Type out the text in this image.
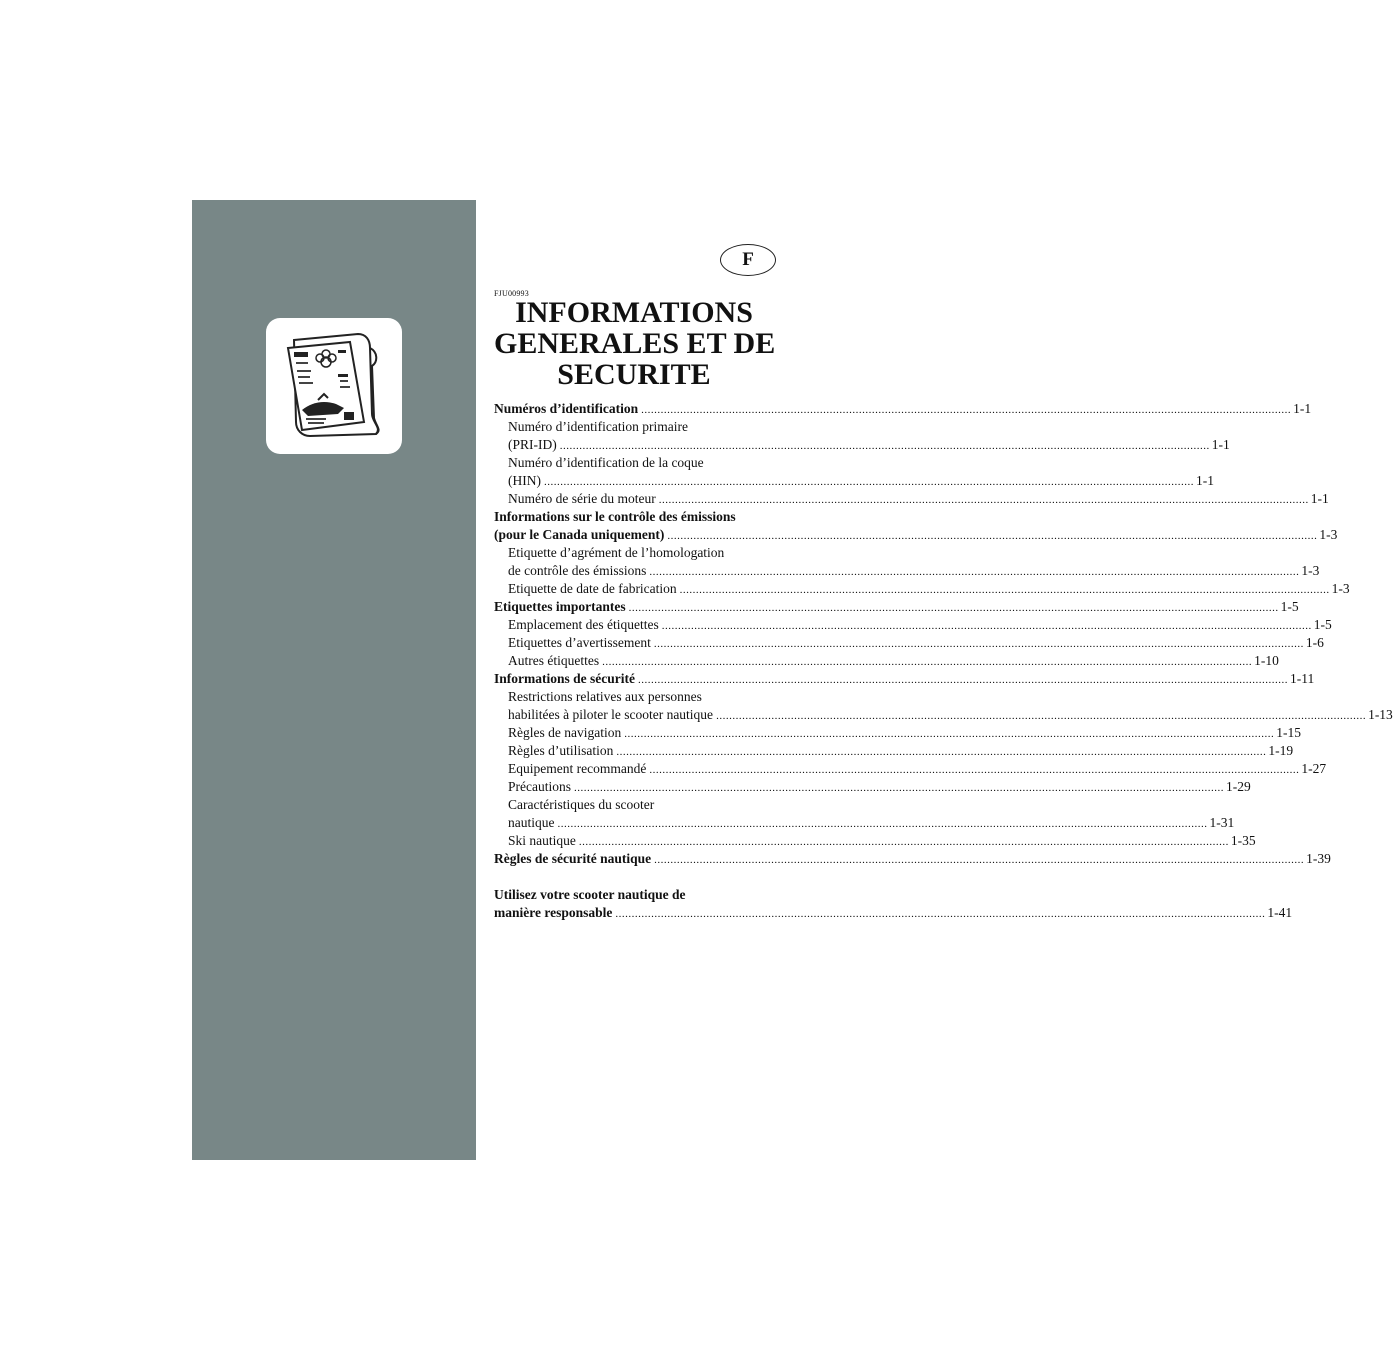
F
FJU00993
INFORMATIONS
GENERALES ET DE
SECURITE
Numéros d’identification ........................................................................................................................................................................................................ 1-1
Numéro d’identification primaire
(PRI-ID) ........................................................................................................................................................................................................ 1-1
Numéro d’identification de la coque
(HIN) ........................................................................................................................................................................................................ 1-1
Numéro de série du moteur ........................................................................................................................................................................................................ 1-1
Informations sur le contrôle des émissions
(pour le Canada uniquement) ........................................................................................................................................................................................................ 1-3
Etiquette d’agrément de l’homologation
de contrôle des émissions ........................................................................................................................................................................................................ 1-3
Etiquette de date de fabrication ........................................................................................................................................................................................................ 1-3
Etiquettes importantes ........................................................................................................................................................................................................ 1-5
Emplacement des étiquettes ........................................................................................................................................................................................................ 1-5
Etiquettes d’avertissement ........................................................................................................................................................................................................ 1-6
Autres étiquettes ........................................................................................................................................................................................................ 1-10
Informations de sécurité ........................................................................................................................................................................................................ 1-11
Restrictions relatives aux personnes
habilitées à piloter le scooter nautique ........................................................................................................................................................................................................ 1-13
Règles de navigation ........................................................................................................................................................................................................ 1-15
Règles d’utilisation ........................................................................................................................................................................................................ 1-19
Equipement recommandé ........................................................................................................................................................................................................ 1-27
Précautions ........................................................................................................................................................................................................ 1-29
Caractéristiques du scooter
nautique ........................................................................................................................................................................................................ 1-31
Ski nautique ........................................................................................................................................................................................................ 1-35
Règles de sécurité nautique ........................................................................................................................................................................................................ 1-39
Utilisez votre scooter nautique de
manière responsable ........................................................................................................................................................................................................ 1-41
